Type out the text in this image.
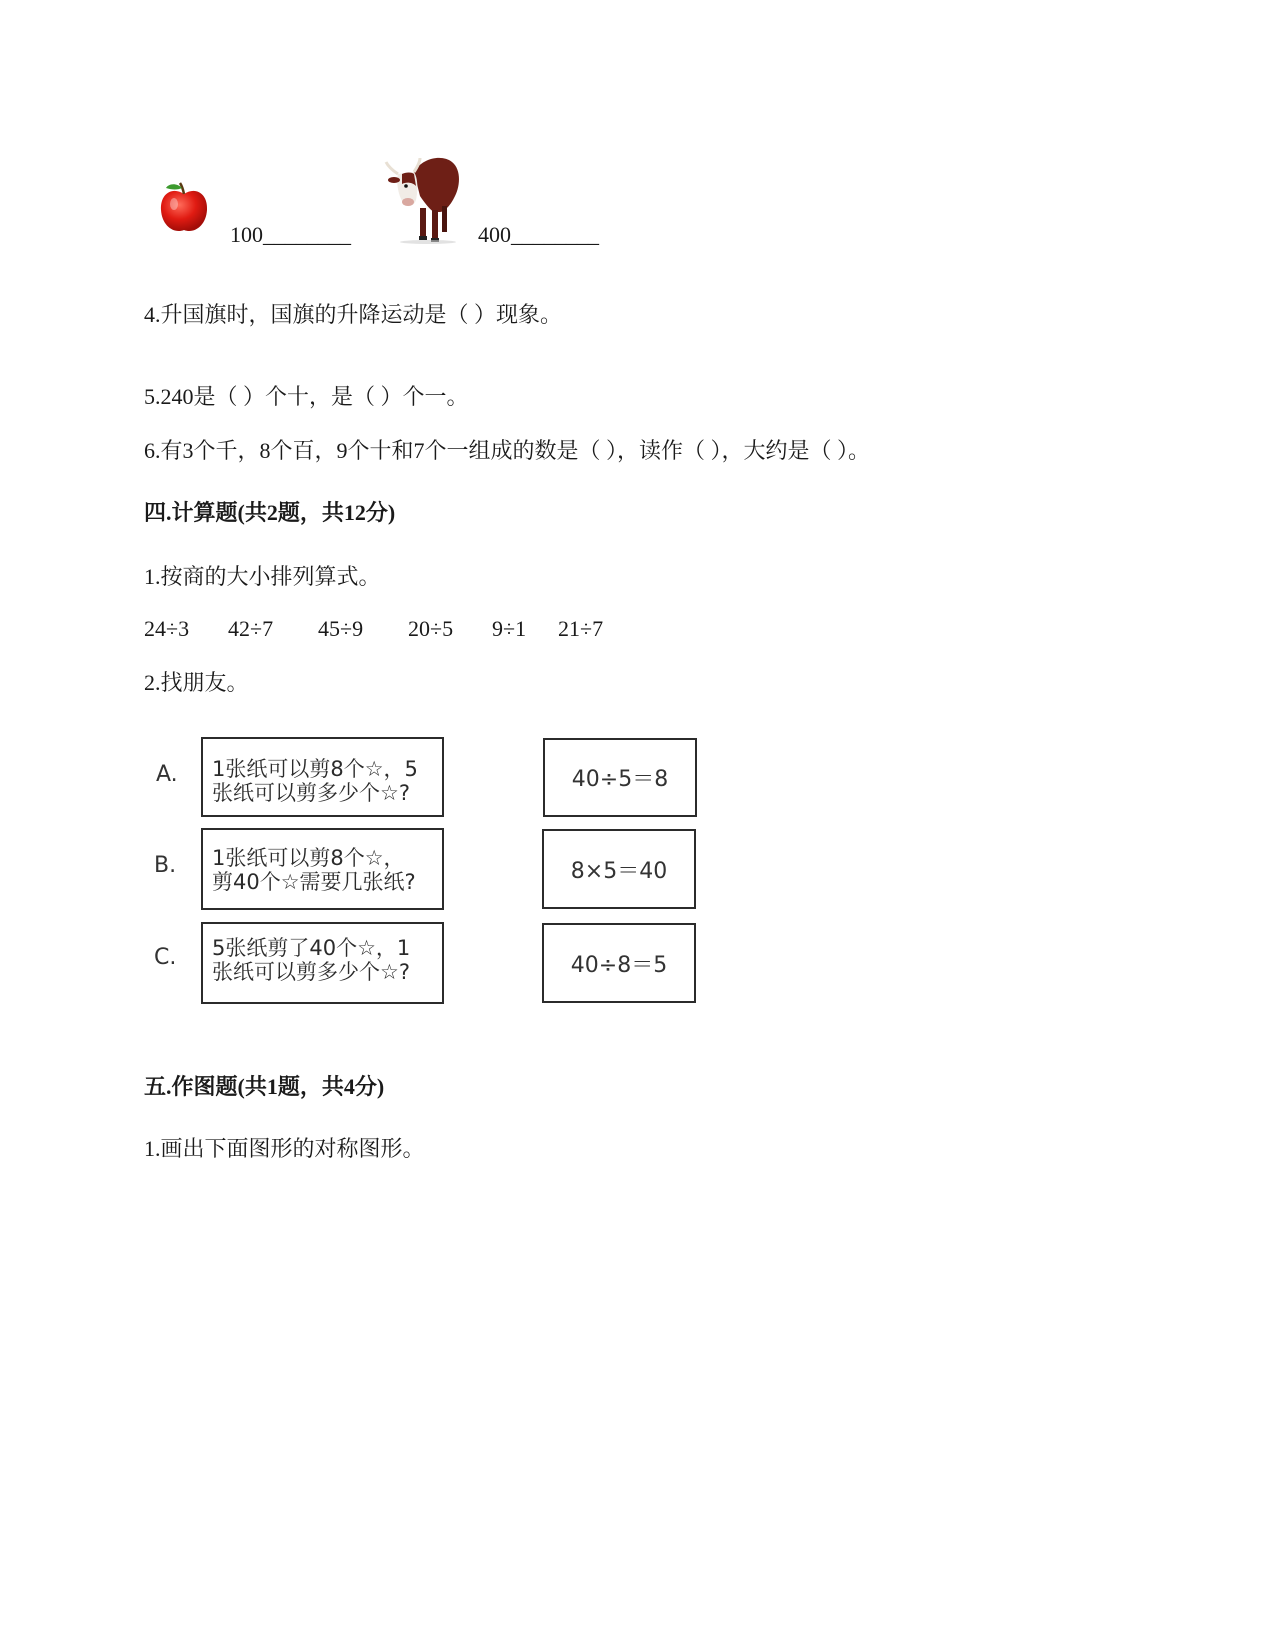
100________	400________
4.升国旗时，国旗的升降运动是（ ）现象。
5.240是（ ）个十，是（ ）个一。
6.有3个千，8个百，9个十和7个一组成的数是（ ），读作（ ），大约是（ ）。
四.计算题(共2题，共12分)
1.按商的大小排列算式。
24÷3 42÷7 45÷9 20÷5 9÷1 21÷7
2.找朋友。
A.
B.
C.
1张纸可以剪8个☆，5
张纸可以剪多少个☆?
1张纸可以剪8个☆，
剪40个☆需要几张纸?
5张纸剪了40个☆，1
张纸可以剪多少个☆?
40÷5＝8
8×5＝40
40÷8＝5
五.作图题(共1题，共4分)
1.画出下面图形的对称图形。
